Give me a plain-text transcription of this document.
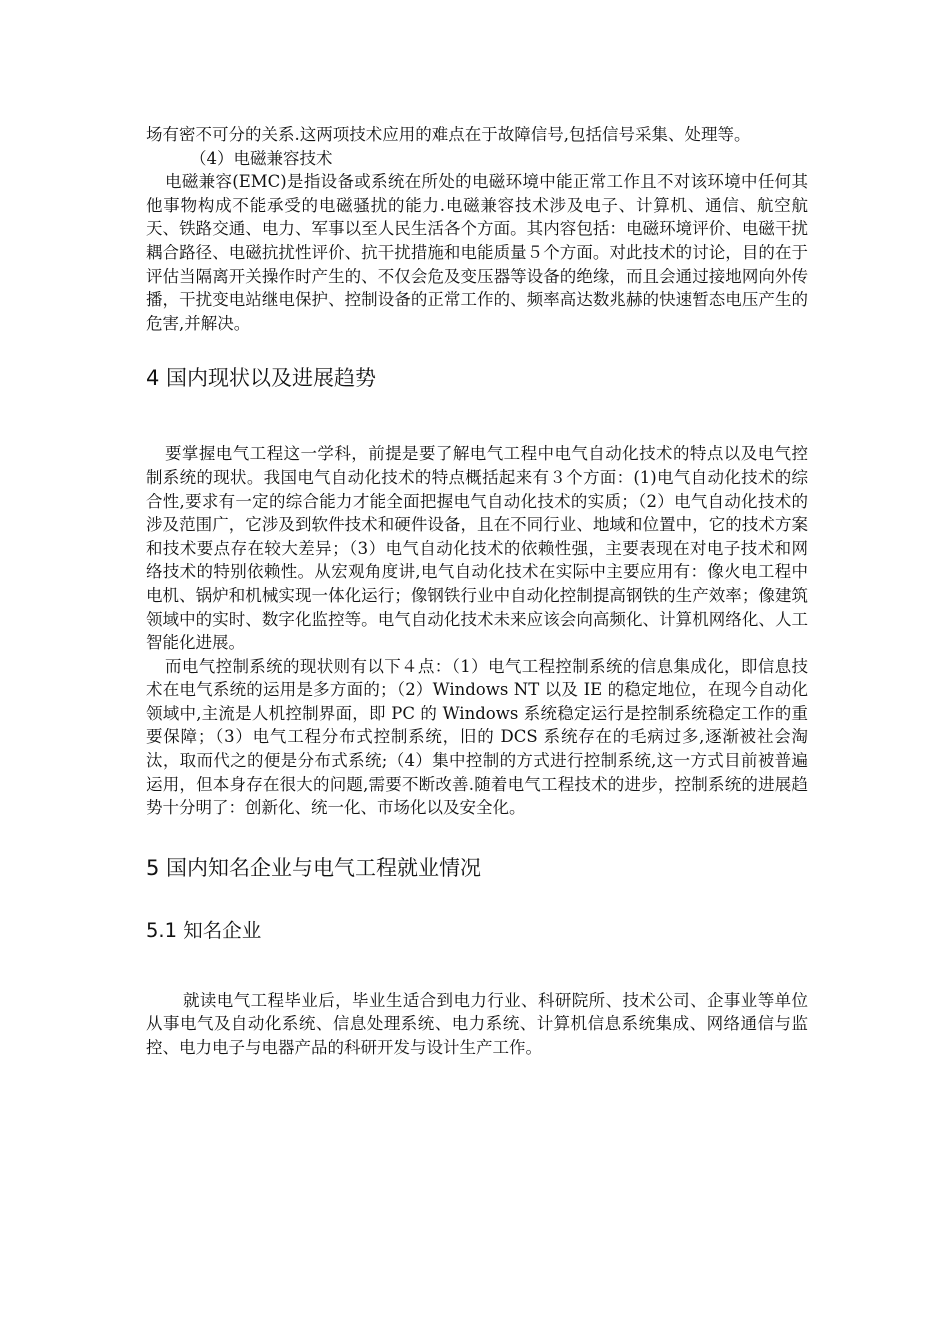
场有密不可分的关系.这两项技术应用的难点在于故障信号,包括信号采集、处理等。

（4）电磁兼容技术

电磁兼容(EMC)是指设备或系统在所处的电磁环境中能正常工作且不对该环境中任何其他事物构成不能承受的电磁骚扰的能力.电磁兼容技术涉及电子、计算机、通信、航空航天、铁路交通、电力、军事以至人民生活各个方面。其内容包括：电磁环境评价、电磁干扰耦合路径、电磁抗扰性评价、抗干扰措施和电能质量５个方面。对此技术的讨论，目的在于评估当隔离开关操作时产生的、不仅会危及变压器等设备的绝缘，而且会通过接地网向外传播，干扰变电站继电保护、控制设备的正常工作的、频率高达数兆赫的快速暂态电压产生的危害,并解决。

4 国内现状以及进展趋势

要掌握电气工程这一学科，前提是要了解电气工程中电气自动化技术的特点以及电气控制系统的现状。我国电气自动化技术的特点概括起来有３个方面：(1)电气自动化技术的综合性,要求有一定的综合能力才能全面把握电气自动化技术的实质；（2）电气自动化技术的涉及范围广，它涉及到软件技术和硬件设备，且在不同行业、地域和位置中，它的技术方案和技术要点存在较大差异；（3）电气自动化技术的依赖性强，主要表现在对电子技术和网络技术的特别依赖性。从宏观角度讲,电气自动化技术在实际中主要应用有：像火电工程中电机、锅炉和机械实现一体化运行；像钢铁行业中自动化控制提高钢铁的生产效率；像建筑领域中的实时、数字化监控等。电气自动化技术未来应该会向高频化、计算机网络化、人工智能化进展。

而电气控制系统的现状则有以下４点：（1）电气工程控制系统的信息集成化，即信息技术在电气系统的运用是多方面的；（2）Windows NT 以及 IE 的稳定地位，在现今自动化领域中,主流是人机控制界面，即 PC 的 Windows 系统稳定运行是控制系统稳定工作的重要保障；（3）电气工程分布式控制系统，旧的 DCS 系统存在的毛病过多,逐渐被社会淘汰，取而代之的便是分布式系统;（4）集中控制的方式进行控制系统,这一方式目前被普遍运用，但本身存在很大的问题,需要不断改善.随着电气工程技术的进步，控制系统的进展趋势十分明了：创新化、统一化、市场化以及安全化。

5 国内知名企业与电气工程就业情况
5.1 知名企业

就读电气工程毕业后，毕业生适合到电力行业、科研院所、技术公司、企事业等单位从事电气及自动化系统、信息处理系统、电力系统、计算机信息系统集成、网络通信与监控、电力电子与电器产品的科研开发与设计生产工作。
